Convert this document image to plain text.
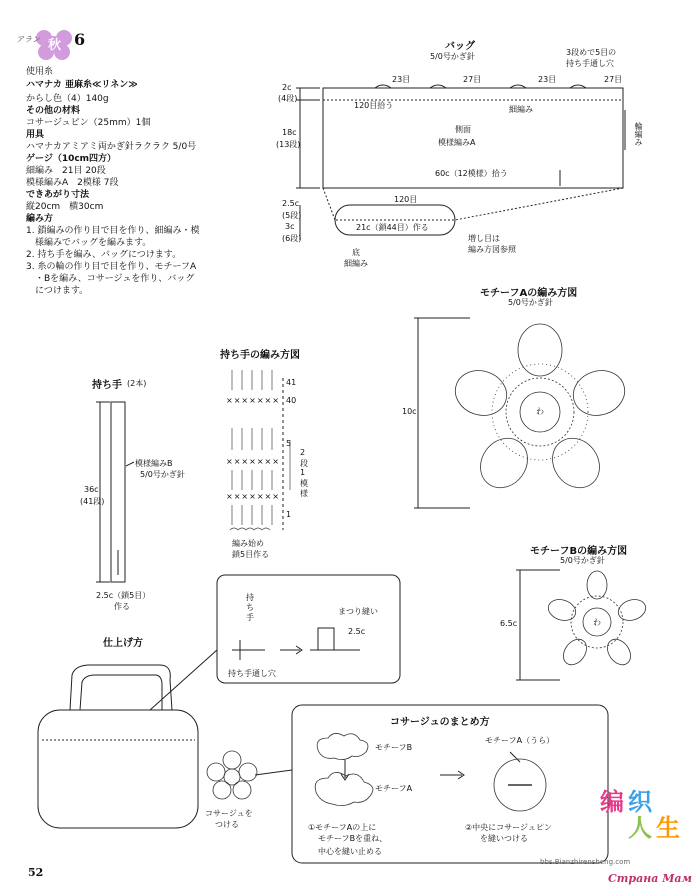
アラン 秋 6
使用糸
ハマナカ 亜麻糸≪リネン≫
からし色（4）140g
その他の材料
コサージュピン（25mm）1個
用具
ハマナカアミアミ両かぎ針ラクラク 5/0号
ゲージ（10cm四方）
細編み　21目 20段
模様編みA　2模様 7段
できあがり寸法
縦20cm　横30cm
編み方
1. 鎖編みの作り目で目を作り、細編み・模
　様編みでバッグを編みます。
2. 持ち手を編み、バッグにつけます。
3. 糸の輪の作り目で目を作り、モチーフA
　・Bを編み、コサージュを作り、バッグ
　につけます。
バッグ
5/0号かぎ針	3段めで5目の
持ち手通し穴
23目	27目	23目	27目
120目拾う	細編み
側面
模様編みA	輪編み
60c（12模様）拾う
2c
(4段)
18c
(13段)
2.5c
(5段)
3c
(6段)
120目
21c（鎖44目）作る
底
細編み
増し目は
編み方図参照
モチーフAの編み方図
5/0号かぎ針
10c	わ
モチーフBの編み方図
5/0号かぎ針
6.5c	わ
持ち手の編み方図
41
40
5
2
段
1
模
様
1
編み始め
鎖5目作る
×××××××
×××××××
×××××××
持ち手 (2本)
模様編みB
5/0号かぎ針
36c
(41段)
2.5c（鎖5目）
作る
仕上げ方
持
ち
手
持ち手通し穴
まつり縫い
2.5c
コサージュを
つける
コサージュのまとめ方
モチーフB
モチーフA
モチーフA（うら）
①モチーフAの上に
モチーフBを重ね、
中心を縫い止める
②中央にコサージュピン
を縫いつける
52
编 织
人 生
bbs.Bianzhirensheng.com
Страна Мам
